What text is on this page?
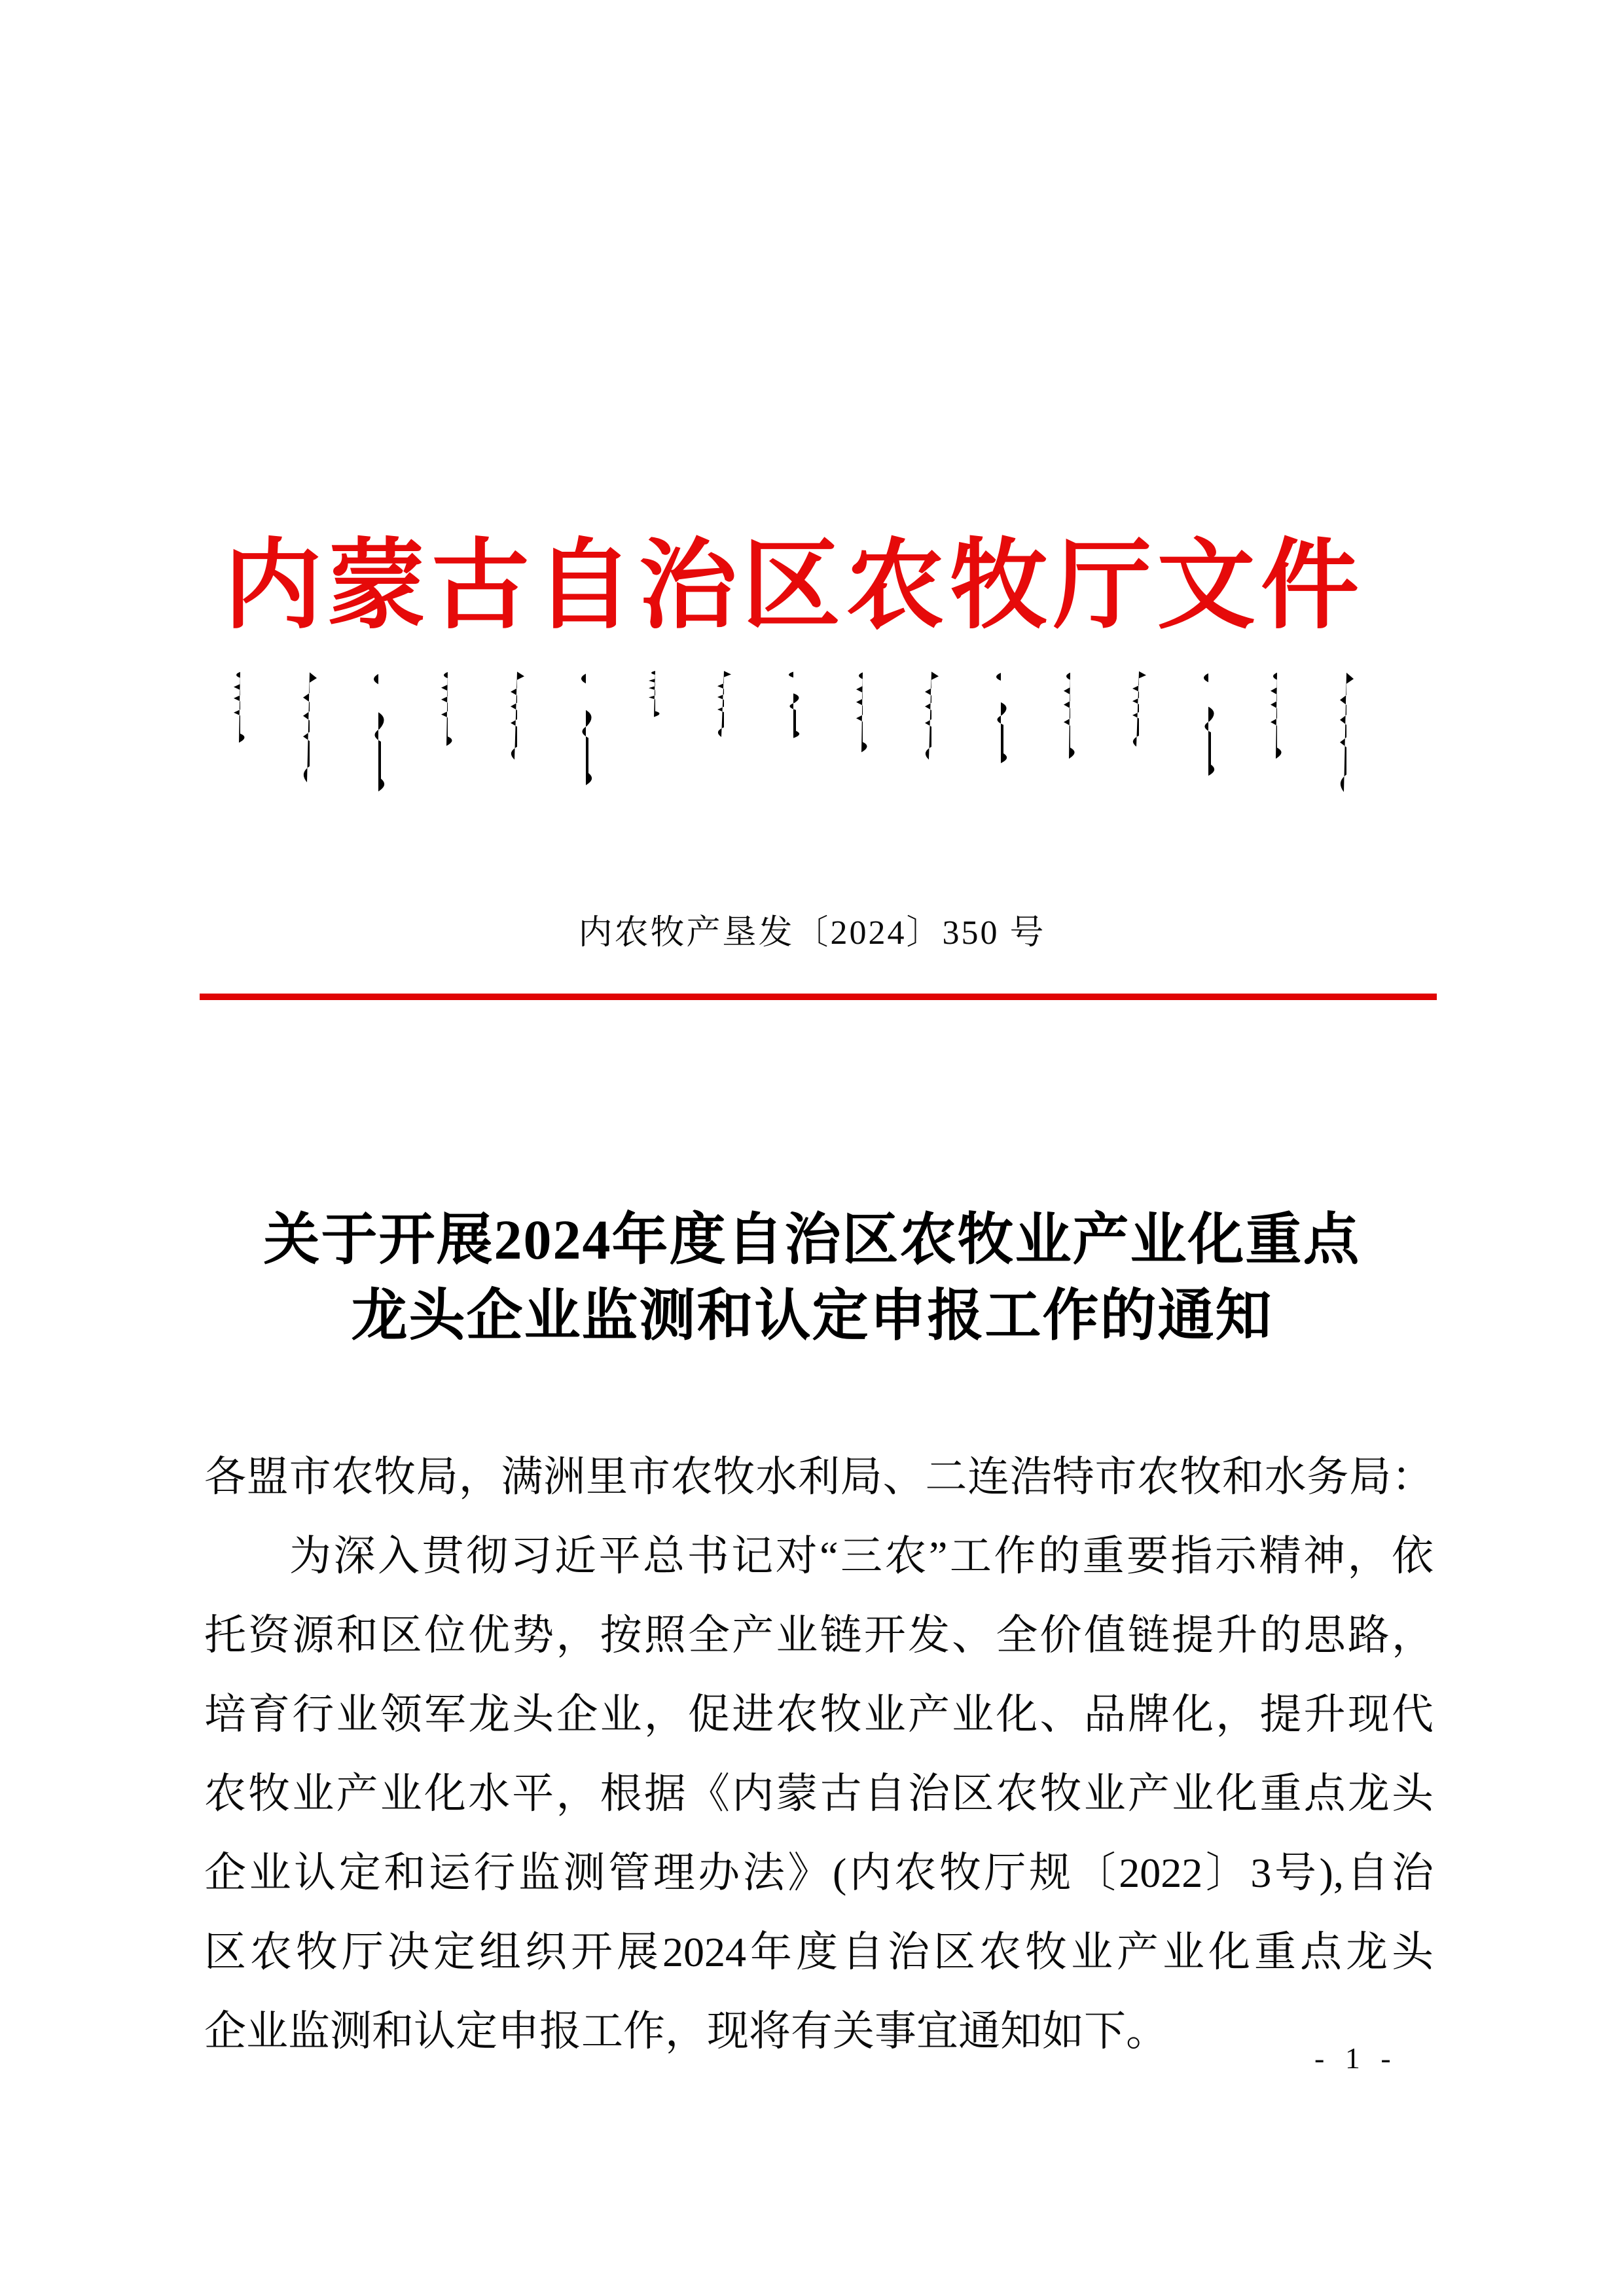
内蒙古自治区农牧厅文件
内农牧产垦发〔2024〕350 号
关于开展2024年度自治区农牧业产业化重点
龙头企业监测和认定申报工作的通知
各盟市农牧局，满洲里市农牧水利局、二连浩特市农牧和水务局：
为深入贯彻习近平总书记对“三农”工作的重要指示精神，依
托资源和区位优势，按照全产业链开发、全价值链提升的思路，
培育行业领军龙头企业，促进农牧业产业化、品牌化，提升现代
农牧业产业化水平，根据《内蒙古自治区农牧业产业化重点龙头
企业认定和运行监测管理办法》(内农牧厅规〔2022〕3号),自治
区农牧厅决定组织开展2024年度自治区农牧业产业化重点龙头
企业监测和认定申报工作，现将有关事宜通知如下。
- 1 -
